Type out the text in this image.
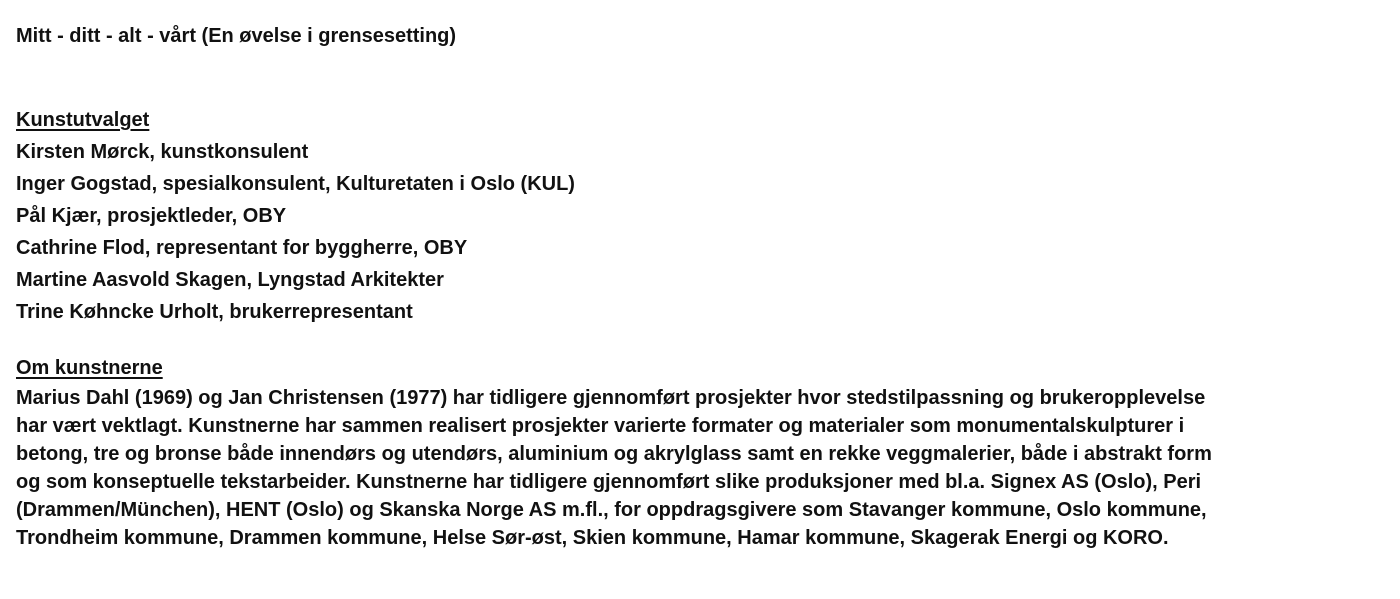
Mitt - ditt - alt - vårt (En øvelse i grensesetting)

Kunstutvalget
Kirsten Mørck, kunstkonsulent
Inger Gogstad, spesialkonsulent, Kulturetaten i Oslo (KUL)
Pål Kjær, prosjektleder, OBY
Cathrine Flod, representant for byggherre, OBY
Martine Aasvold Skagen, Lyngstad Arkitekter
Trine Køhncke Urholt, brukerrepresentant
Om kunstnerne
Marius Dahl (1969) og Jan Christensen (1977) har tidligere gjennomført prosjekter hvor stedstilpassning og brukeropplevelse
har vært vektlagt. Kunstnerne har sammen realisert prosjekter varierte formater og materialer som monumentalskulpturer i
betong, tre og bronse både innendørs og utendørs, aluminium og akrylglass samt en rekke veggmalerier, både i abstrakt form
og som konseptuelle tekstarbeider. Kunstnerne har tidligere gjennomført slike produksjoner med bl.a. Signex AS (Oslo), Peri
(Drammen/München), HENT (Oslo) og Skanska Norge AS m.fl., for oppdragsgivere som Stavanger kommune, Oslo kommune,
Trondheim kommune, Drammen kommune, Helse Sør-øst, Skien kommune, Hamar kommune, Skagerak Energi og KORO.
